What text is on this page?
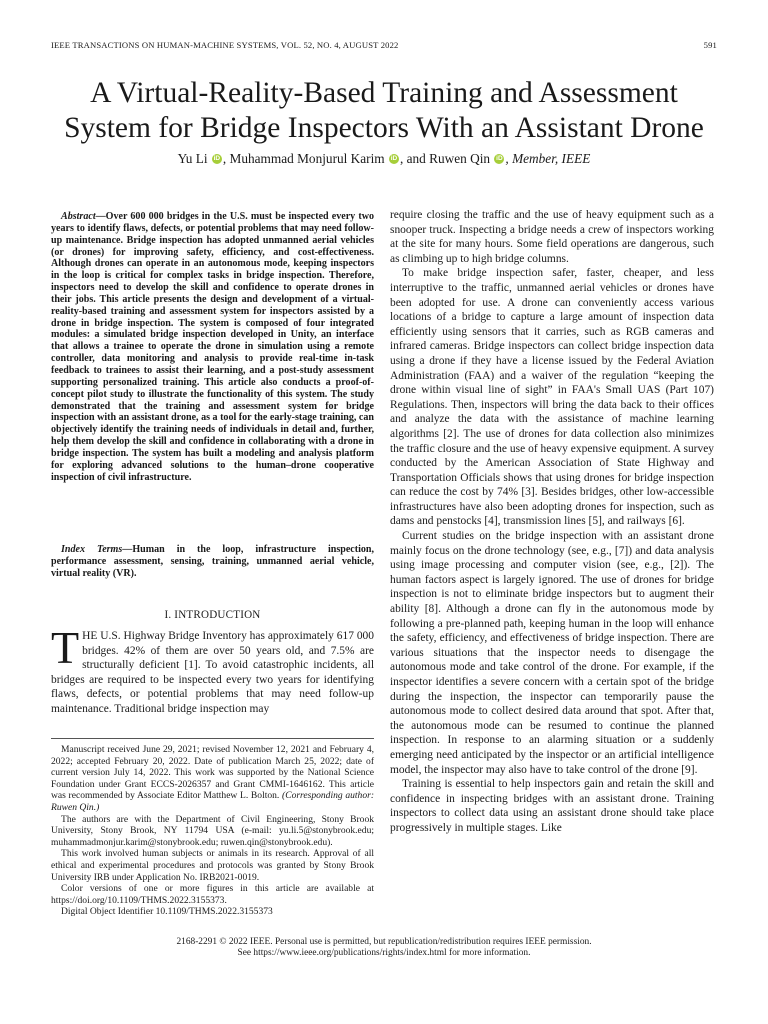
IEEE TRANSACTIONS ON HUMAN-MACHINE SYSTEMS, VOL. 52, NO. 4, AUGUST 2022	591
A Virtual-Reality-Based Training and Assessment
System for Bridge Inspectors With an Assistant Drone
Yu Li iD , Muhammad Monjurul Karim iD , and Ruwen Qin iD , Member, IEEE
Abstract—Over 600 000 bridges in the U.S. must be inspected every two years to identify flaws, defects, or potential problems that may need follow-up maintenance. Bridge inspection has adopted unmanned aerial vehicles (or drones) for improving safety, efficiency, and cost-effectiveness. Although drones can operate in an autonomous mode, keeping inspectors in the loop is critical for complex tasks in bridge inspection. Therefore, inspectors need to develop the skill and confidence to operate drones in their jobs. This article presents the design and development of a virtual-reality-based training and assessment system for inspectors assisted by a drone in bridge inspection. The system is composed of four integrated modules: a simulated bridge inspection developed in Unity, an interface that allows a trainee to operate the drone in simulation using a remote controller, data monitoring and analysis to provide real-time in-task feedback to trainees to assist their learning, and a post-study assessment supporting personalized training. This article also conducts a proof-of-concept pilot study to illustrate the functionality of this system. The study demonstrated that the training and assessment system for bridge inspection with an assistant drone, as a tool for the early-stage training, can objectively identify the training needs of individuals in detail and, further, help them develop the skill and confidence in collaborating with a drone in bridge inspection. The system has built a modeling and analysis platform for exploring advanced solutions to the human–drone cooperative inspection of civil infrastructure.
Index Terms—Human in the loop, infrastructure inspection, performance assessment, sensing, training, unmanned aerial vehicle, virtual reality (VR).
I. INTRODUCTION
THE U.S. Highway Bridge Inventory has approximately 617 000 bridges. 42% of them are over 50 years old, and 7.5% are structurally deficient [1]. To avoid catastrophic incidents, all bridges are required to be inspected every two years for identifying flaws, defects, or potential problems that may need follow-up maintenance. Traditional bridge inspection may

Manuscript received June 29, 2021; revised November 12, 2021 and February 4, 2022; accepted February 20, 2022. Date of publication March 25, 2022; date of current version July 14, 2022. This work was supported by the National Science Foundation under Grant ECCS-2026357 and Grant CMMI-1646162. This article was recommended by Associate Editor Matthew L. Bolton. (Corresponding author: Ruwen Qin.)

The authors are with the Department of Civil Engineering, Stony Brook University, Stony Brook, NY 11794 USA (e-mail: yu.li.5@stonybrook.edu; muhammadmonjur.karim@stonybrook.edu; ruwen.qin@stonybrook.edu).

This work involved human subjects or animals in its research. Approval of all ethical and experimental procedures and protocols was granted by Stony Brook University IRB under Application No. IRB2021-0019.

Color versions of one or more figures in this article are available at https://doi.org/10.1109/THMS.2022.3155373.

Digital Object Identifier 10.1109/THMS.2022.3155373

require closing the traffic and the use of heavy equipment such as a snooper truck. Inspecting a bridge needs a crew of inspectors working at the site for many hours. Some field operations are dangerous, such as climbing up to high bridge columns.

To make bridge inspection safer, faster, cheaper, and less interruptive to the traffic, unmanned aerial vehicles or drones have been adopted for use. A drone can conveniently access various locations of a bridge to capture a large amount of inspection data efficiently using sensors that it carries, such as RGB cameras and infrared cameras. Bridge inspectors can collect bridge inspection data using a drone if they have a license issued by the Federal Aviation Administration (FAA) and a waiver of the regulation “keeping the drone within visual line of sight” in FAA's Small UAS (Part 107) Regulations. Then, inspectors will bring the data back to their offices and analyze the data with the assistance of machine learning algorithms [2]. The use of drones for data collection also minimizes the traffic closure and the use of heavy expensive equipment. A survey conducted by the American Association of State Highway and Transportation Officials shows that using drones for bridge inspection can reduce the cost by 74% [3]. Besides bridges, other low-accessible infrastructures have also been adopting drones for inspection, such as dams and penstocks [4], transmission lines [5], and railways [6].

Current studies on the bridge inspection with an assistant drone mainly focus on the drone technology (see, e.g., [7]) and data analysis using image processing and computer vision (see, e.g., [2]). The human factors aspect is largely ignored. The use of drones for bridge inspection is not to eliminate bridge inspectors but to augment their ability [8]. Although a drone can fly in the autonomous mode by following a pre-planned path, keeping human in the loop will enhance the safety, efficiency, and effectiveness of bridge inspection. There are various situations that the inspector needs to disengage the autonomous mode and take control of the drone. For example, if the inspector identifies a severe concern with a certain spot of the bridge during the inspection, the inspector can temporarily pause the autonomous mode to collect desired data around that spot. After that, the autonomous mode can be resumed to continue the planned inspection. In response to an alarming situation or a suddenly emerging need anticipated by the inspector or an artificial intelligence model, the inspector may also have to take control of the drone [9].

Training is essential to help inspectors gain and retain the skill and confidence in inspecting bridges with an assistant drone. Training inspectors to collect data using an assistant drone should take place progressively in multiple stages. Like

2168-2291 © 2022 IEEE. Personal use is permitted, but republication/redistribution requires IEEE permission.
See https://www.ieee.org/publications/rights/index.html for more information.
